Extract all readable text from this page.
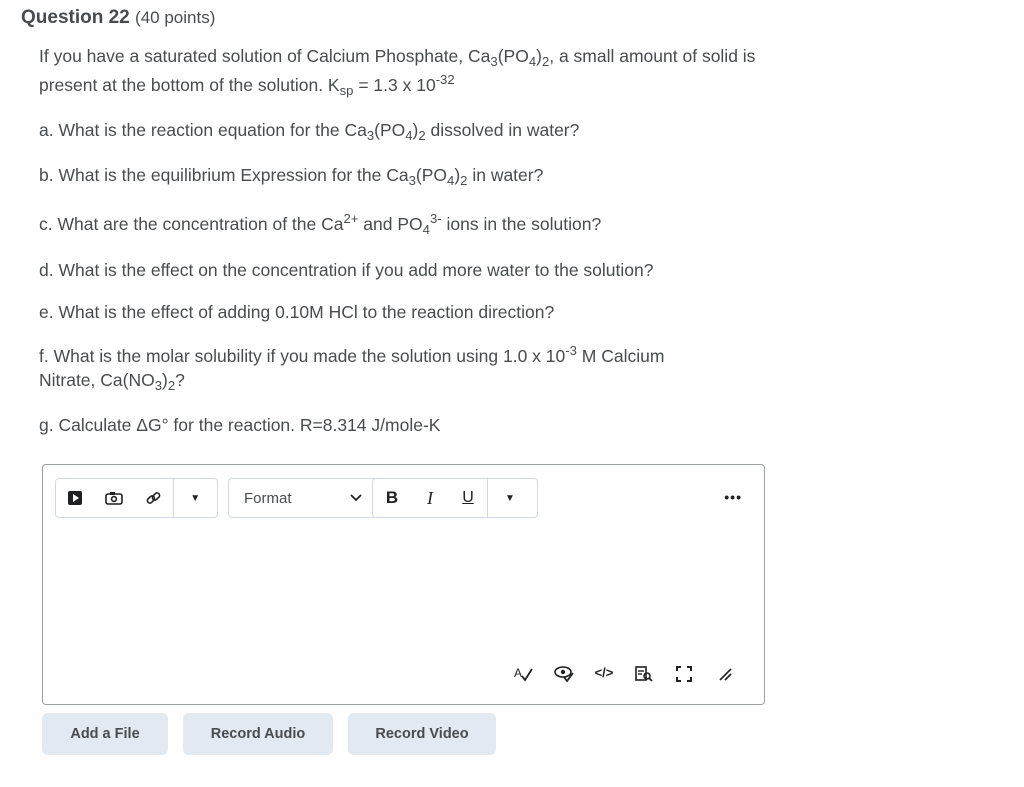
Question 22 (40 points)

If you have a saturated solution of Calcium Phosphate, $Ca_3(PO_4)_2$, a small amount of solid is present at the bottom of the solution. $K_{sp} = 1.3$ x $10^{-32}$

a. What is the reaction equation for the $Ca_3(PO_4)_2$ dissolved in water?
b. What is the equilibrium Expression for the $Ca_3(PO_4)_2$ in water?
c. What are the concentration of the $Ca^{2+}$ and $PO_4^{3-}$ ions in the solution?
d. What is the effect on the concentration if you add more water to the solution?
e. What is the effect of adding 0.10M HCl to the reaction direction?
f. What is the molar solubility if you made the solution using 1.0 x $10^{-3}$ M Calcium
Nitrate, $Ca(NO_3)_2$?
g. Calculate ΔG° for the reaction. R=8.314 J/mole-K
▼	Format	B	I	U	▼	•••
A	</>
Add a File	Record Audio	Record Video
